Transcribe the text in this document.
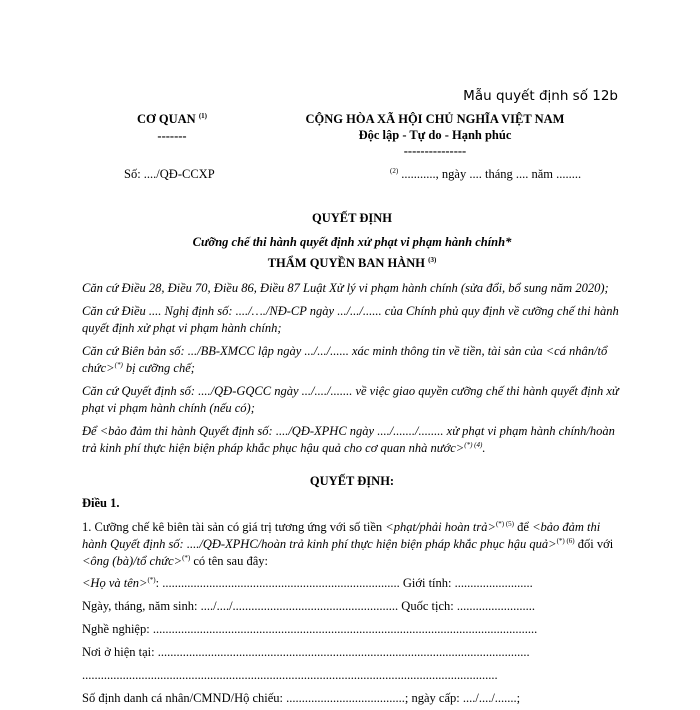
Mẫu quyết định số 12b
CƠ QUAN $^{(1)}$
-------
CỘNG HÒA XÃ HỘI CHỦ NGHĨA VIỆT NAM
Độc lập - Tự do - Hạnh phúc
---------------
Số: ..../QĐ-CCXP	$^{(2)}$ ..........., ngày .... tháng .... năm ........
QUYẾT ĐỊNH
Cưỡng chế thi hành quyết định xử phạt vi phạm hành chính*
THẨM QUYỀN BAN HÀNH $^{(3)}$

Căn cứ Điều 28, Điều 70, Điều 86, Điều 87 Luật Xử lý vi phạm hành chính (sửa đổi, bổ sung năm 2020);

Căn cứ Điều .... Nghị định số: ..../…./NĐ-CP ngày .../.../...... của Chính phủ quy định về cưỡng chế thi hành quyết định xử phạt vi phạm hành chính;

Căn cứ Biên bản số: .../BB-XMCC lập ngày .../.../...... xác minh thông tin về tiền, tài sản của <cá nhân/tổ chức>(*) bị cưỡng chế;

Căn cứ Quyết định số: ..../QĐ-GQCC ngày .../..../....... về việc giao quyền cưỡng chế thi hành quyết định xử phạt vi phạm hành chính (nếu có);

Để <bảo đảm thi hành Quyết định số: ..../QĐ-XPHC ngày ..../......./........ xử phạt vi phạm hành chính/hoàn trả kinh phí thực hiện biện pháp khắc phục hậu quả cho cơ quan nhà nước>$^{(*) (4)}$.

QUYẾT ĐỊNH:
Điều 1.

1. Cưỡng chế kê biên tài sản có giá trị tương ứng với số tiền <phạt/phải hoàn trả>$^{(*) (5)}$ để <bảo đảm thi hành Quyết định số: ..../QĐ-XPHC/hoàn trả kinh phí thực hiện biện pháp khắc phục hậu quả>$^{(*) (6)}$ đối với <ông (bà)/tổ chức>(*) có tên sau đây:

<Họ và tên>(*): ............................................................................ Giới tính: .........................
Ngày, tháng, năm sinh: ..../..../..................................................... Quốc tịch: .........................
Nghề nghiệp: ...........................................................................................................................
Nơi ở hiện tại: .......................................................................................................................
.....................................................................................................................................
Số định danh cá nhân/CMND/Hộ chiếu: ......................................; ngày cấp: ..../..../.......;
